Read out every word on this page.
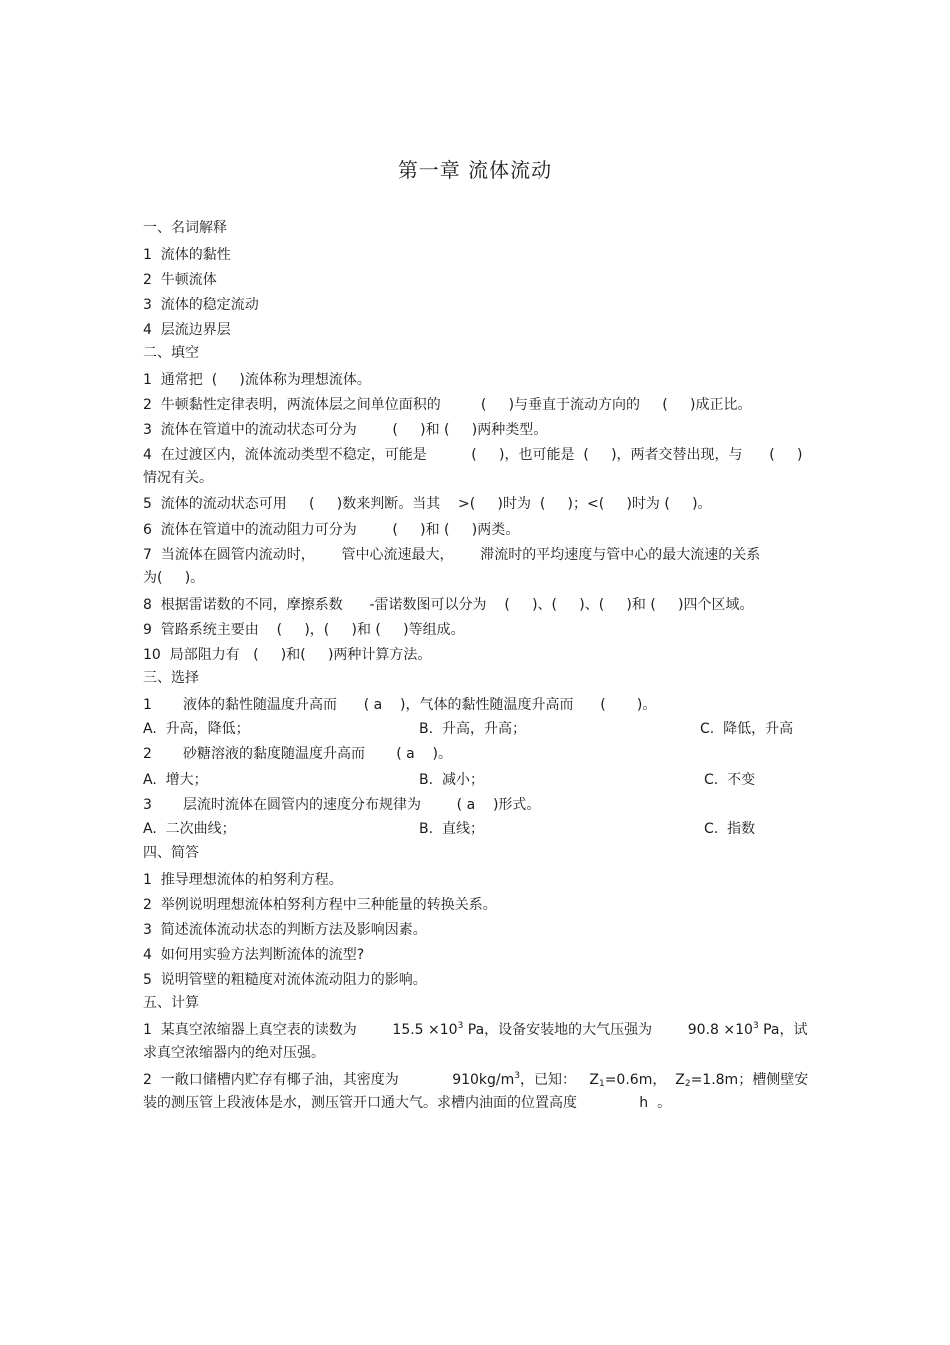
第一章 流体流动
一、名词解释
1  流体的黏性
2  牛顿流体
3  流体的稳定流动
4  层流边界层
二、填空
1  通常把  (     )流体称为理想流体。
2  牛顿黏性定律表明，两流体层之间单位面积的         (     )与垂直于流动方向的     (     )成正比。
3  流体在管道中的流动状态可分为        (     )和 (     )两种类型。
4  在过渡区内，流体流动类型不稳定，可能是          (     )，也可能是  (     )，两者交替出现，与      (     )
情况有关。
5  流体的流动状态可用     (     )数来判断。当其    >(     )时为  (     )；<(     )时为 (     )。
6  流体在管道中的流动阻力可分为        (     )和 (     )两类。
7  当流体在圆管内流动时，      管中心流速最大，      滞流时的平均速度与管中心的最大流速的关系
为(     )。
8  根据雷诺数的不同，摩擦系数      -雷诺数图可以分为    (     )、(     )、(     )和 (     )四个区域。
9  管路系统主要由    (     )，(     )和 (     )等组成。
10  局部阻力有   (     )和(     )两种计算方法。
三、选择
1       液体的黏性随温度升高而      ( a    )，气体的黏性随温度升高而      (       )。
A.  升高，降低；	B.  升高，升高；	C.  降低，升高
2       砂糖溶液的黏度随温度升高而       ( a    )。
A.  增大；	B.  减小；	C.  不变
3       层流时流体在圆管内的速度分布规律为        ( a    )形式。
A.  二次曲线；	B.  直线；	C.  指数
四、简答
1  推导理想流体的柏努利方程。
2  举例说明理想流体柏努利方程中三种能量的转换关系。
3  简述流体流动状态的判断方法及影响因素。
4  如何用实验方法判断流体的流型?
5  说明管壁的粗糙度对流体流动阻力的影响。
五、计算
1  某真空浓缩器上真空表的读数为        $15.5 \times 10^3$ Pa，设备安装地的大气压强为        $90.8 \times 10^3$ Pa，试
求真空浓缩器内的绝对压强。
2  一敞口储槽内贮存有椰子油，其密度为            $910kg/m^3$，已知：   $Z_1=0.6m$，  $Z_2=1.8m$；槽侧壁安
装的测压管上段液体是水，测压管开口通大气。求槽内油面的位置高度              h  。
